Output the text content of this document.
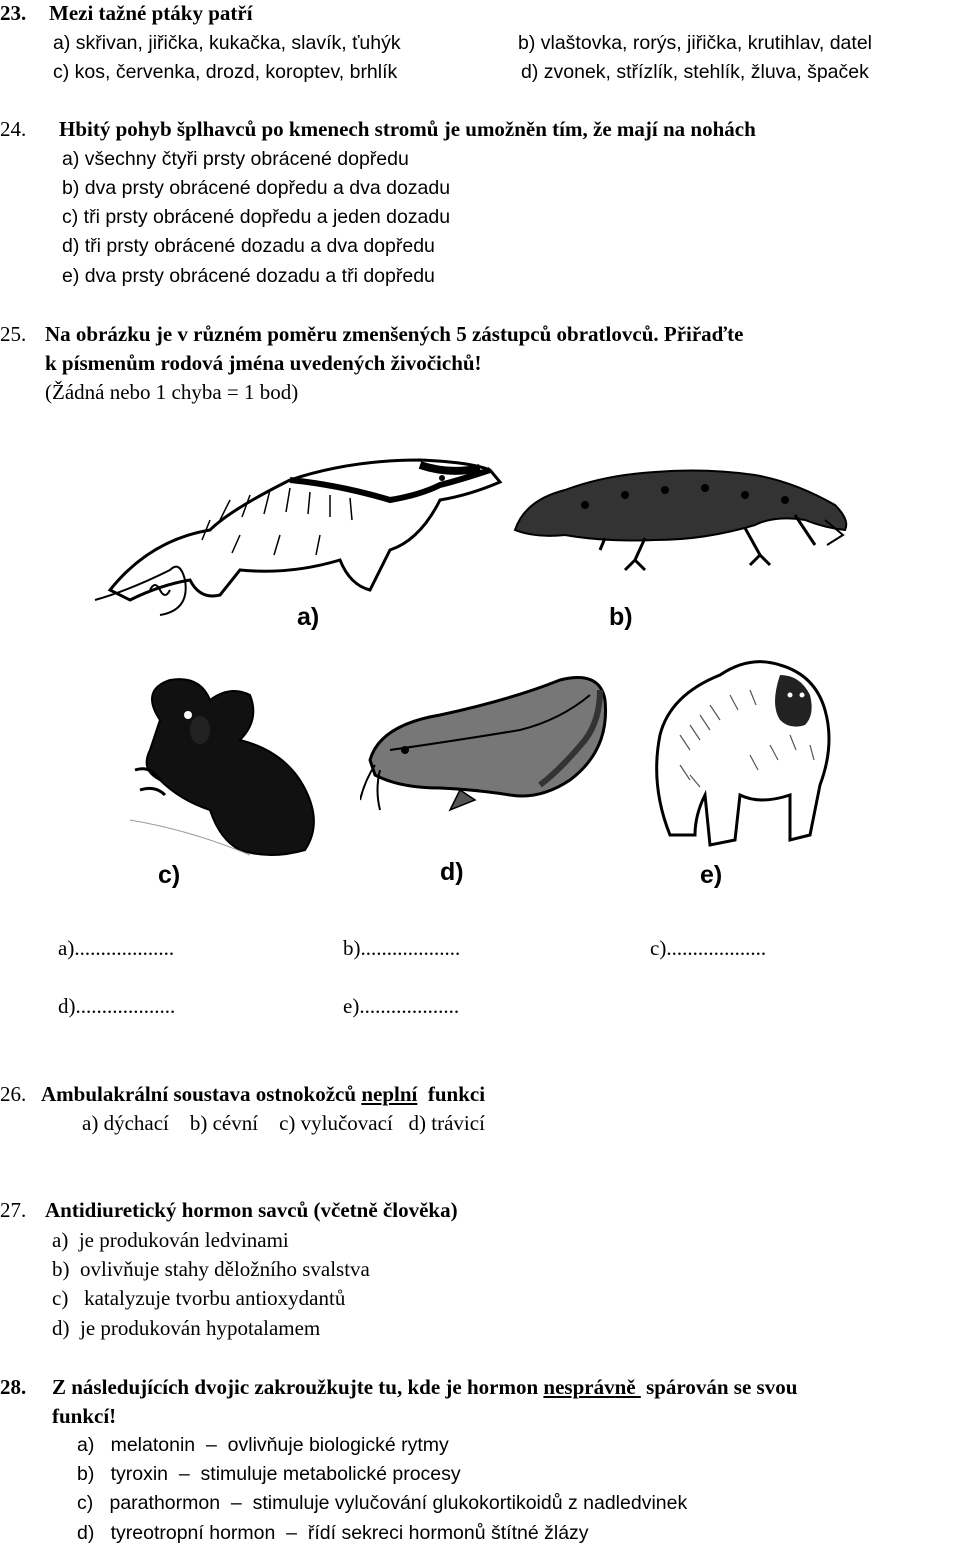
23. Mezi tažné ptáky patří
a) skřivan, jiřička, kukačka, slavík, ťuhýk	b) vlaštovka, rorýs, jiřička, krutihlav, datel
c) kos, červenka, drozd, koroptev, brhlík	d) zvonek, střízlík, stehlík, žluva, špaček
24. Hbitý pohyb šplhavců po kmenech stromů je umožněn tím, že mají na nohách
a) všechny čtyři prsty obrácené dopředu
b) dva prsty obrácené dopředu a dva dozadu
c) tři prsty obrácené dopředu a jeden dozadu
d) tři prsty obrácené dozadu a dva dopředu
e) dva prsty obrácené dozadu a tři dopředu
25. Na obrázku je v různém poměru zmenšených 5 zástupců obratlovců. Přiřaďte
k písmenům rodová jména uvedených živočichů!
(Žádná nebo 1 chyba = 1 bod)
a)	b)
c)	d)	e)
a)...................	b)...................	c)...................
d)...................	e)...................
26. Ambulakrální soustava ostnokožců neplní  funkci
a) dýchací    b) cévní    c) vylučovací   d) trávicí
27. Antidiuretický hormon savců (včetně člověka)
a)  je produkován ledvinami
b)  ovlivňuje stahy děložního svalstva
c)   katalyzuje tvorbu antioxydantů
d)  je produkován hypotalamem
28. Z následujících dvojic zakroužkujte tu, kde je hormon nesprávně  spárován se svou
funkcí!
a)   melatonin  –  ovlivňuje biologické rytmy
b)   tyroxin  –  stimuluje metabolické procesy
c)   parathormon  –  stimuluje vylučování glukokortikoidů z nadledvinek
d)   tyreotropní hormon  –  řídí sekreci hormonů štítné žlázy
